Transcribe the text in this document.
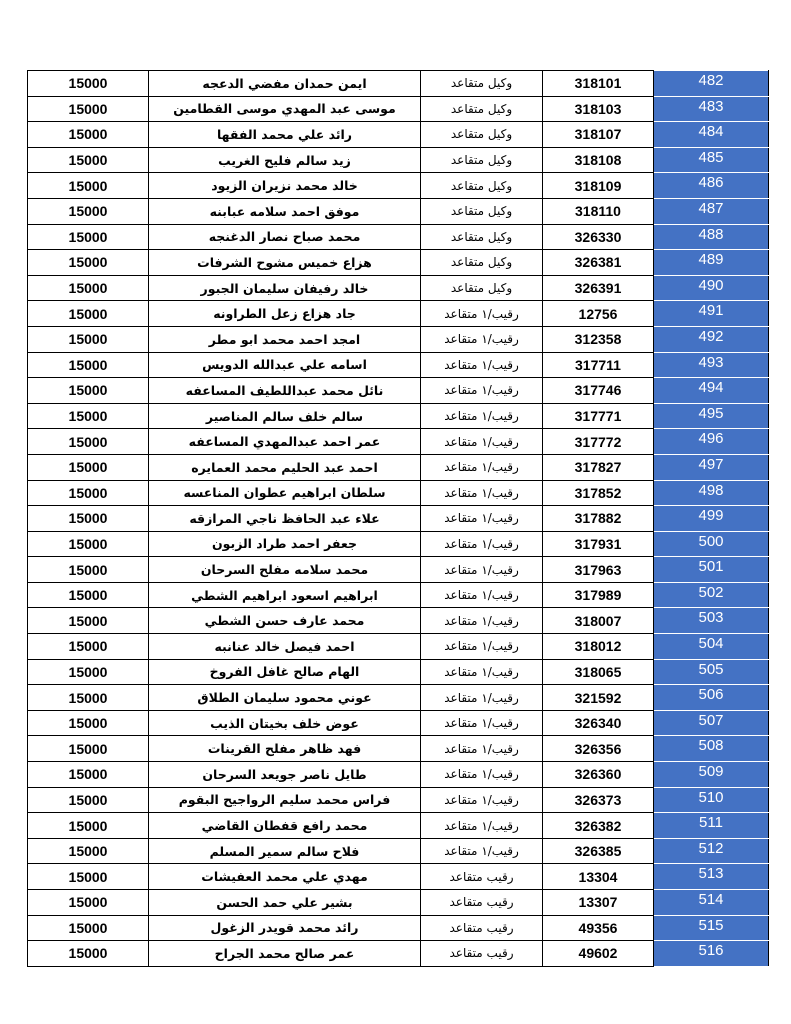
15000	ايمن حمدان مفضي الدعجه	وكيل متقاعد	318101	482
15000	موسى عبد المهدي موسى القطامين	وكيل متقاعد	318103	483
15000	رائد علي محمد الفقها	وكيل متقاعد	318107	484
15000	زيد سالم فليح الغريب	وكيل متقاعد	318108	485
15000	خالد محمد نزيران الزيود	وكيل متقاعد	318109	486
15000	موفق احمد سلامه عبابنه	وكيل متقاعد	318110	487
15000	محمد صباح نصار الدغنجه	وكيل متقاعد	326330	488
15000	هزاع خميس مشوح الشرفات	وكيل متقاعد	326381	489
15000	خالد رفيفان سليمان الجبور	وكيل متقاعد	326391	490
15000	جاد هزاع زعل الطراونه	رقيب/١ متقاعد	12756	491
15000	امجد احمد محمد ابو مطر	رقيب/١ متقاعد	312358	492
15000	اسامه علي عبدالله الدويس	رقيب/١ متقاعد	317711	493
15000	نائل محمد عبداللطيف المساعفه	رقيب/١ متقاعد	317746	494
15000	سالم خلف سالم المناصير	رقيب/١ متقاعد	317771	495
15000	عمر احمد عبدالمهدي المساعفه	رقيب/١ متقاعد	317772	496
15000	احمد عبد الحليم محمد العمايره	رقيب/١ متقاعد	317827	497
15000	سلطان ابراهيم عطوان المناعسه	رقيب/١ متقاعد	317852	498
15000	علاء عبد الحافظ ناجي المرازقه	رقيب/١ متقاعد	317882	499
15000	جعفر احمد طراد الزبون	رقيب/١ متقاعد	317931	500
15000	محمد سلامه مفلح السرحان	رقيب/١ متقاعد	317963	501
15000	ابراهيم اسعود ابراهيم الشطي	رقيب/١ متقاعد	317989	502
15000	محمد عارف حسن الشطي	رقيب/١ متقاعد	318007	503
15000	احمد فيصل خالد عنانبه	رقيب/١ متقاعد	318012	504
15000	الهام صالح غافل الفروخ	رقيب/١ متقاعد	318065	505
15000	عوني محمود سليمان الطلاق	رقيب/١ متقاعد	321592	506
15000	عوض خلف بخيتان الذيب	رقيب/١ متقاعد	326340	507
15000	فهد ظاهر مفلح القرينات	رقيب/١ متقاعد	326356	508
15000	طايل ناصر جويعد السرحان	رقيب/١ متقاعد	326360	509
15000	فراس محمد سليم الرواجيح البقوم	رقيب/١ متقاعد	326373	510
15000	محمد رافع قفطان القاضي	رقيب/١ متقاعد	326382	511
15000	فلاح سالم سمير المسلم	رقيب/١ متقاعد	326385	512
15000	مهدي علي محمد العفيشات	رقيب متقاعد	13304	513
15000	بشير علي حمد الحسن	رقيب متقاعد	13307	514
15000	رائد محمد قويدر الزغول	رقيب متقاعد	49356	515
15000	عمر صالح محمد الجراح	رقيب متقاعد	49602	516
